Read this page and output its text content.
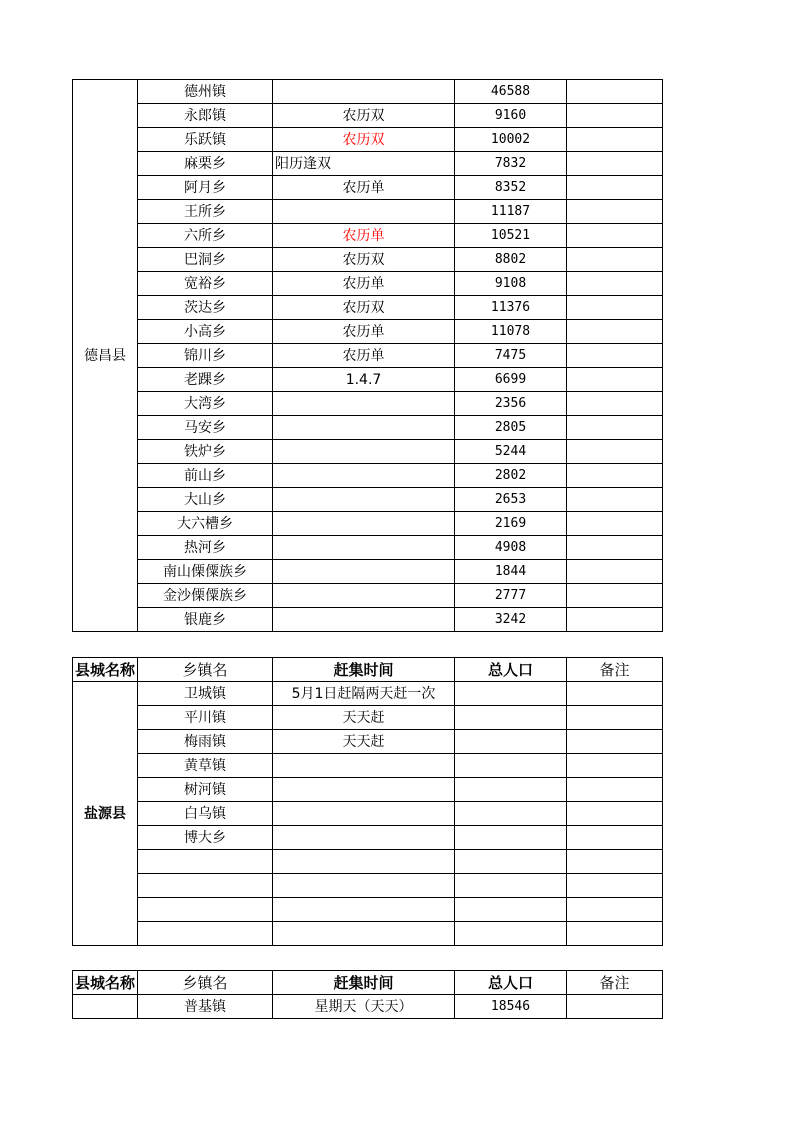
德昌县	德州镇		46588	
	永郎镇	农历双	9160	
	乐跃镇	农历双	10002	
	麻栗乡	阳历逢双	7832	
	阿月乡	农历单	8352	
	王所乡		11187	
	六所乡	农历单	10521	
	巴洞乡	农历双	8802	
	宽裕乡	农历单	9108	
	茨达乡	农历双	11376	
	小高乡	农历单	11078	
	锦川乡	农历单	7475	
	老踝乡	1.4.7	6699	
	大湾乡		2356	
	马安乡		2805	
	铁炉乡		5244	
	前山乡		2802	
	大山乡		2653	
	大六槽乡		2169	
	热河乡		4908	
	南山傈僳族乡		1844	
	金沙傈僳族乡		2777	
	银鹿乡		3242	
县城名称	乡镇名	赶集时间	总人口	备注
盐源县	卫城镇	5月1日赶隔两天赶一次		
	平川镇	天天赶		
	梅雨镇	天天赶		
	黄草镇			
	树河镇			
	白乌镇			
	博大乡			

县城名称	乡镇名	赶集时间	总人口	备注
	普基镇	星期天（天天）	18546	
